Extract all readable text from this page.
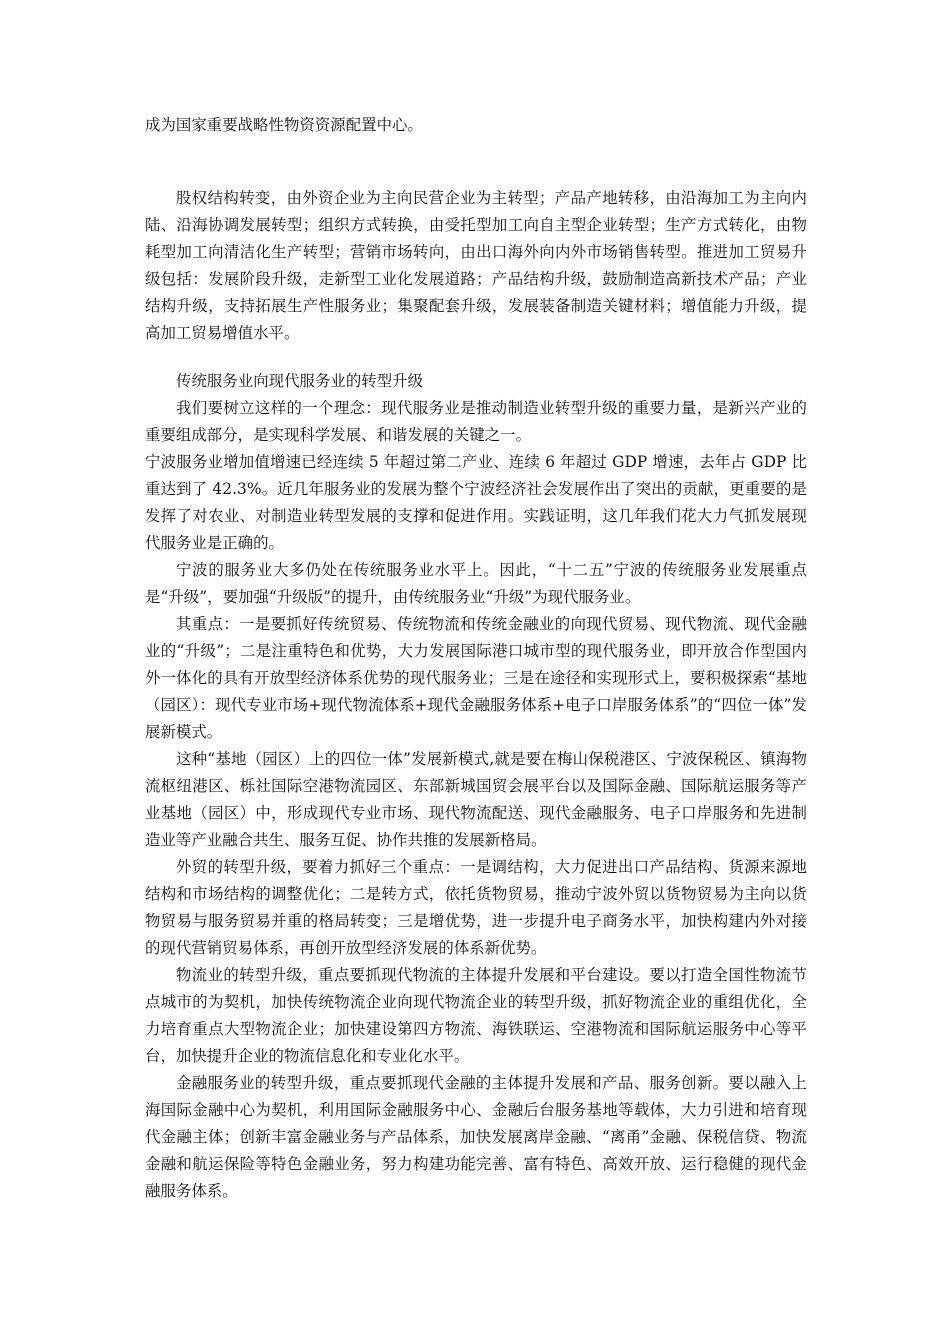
成为国家重要战略性物资资源配置中心。

股权结构转变，由外资企业为主向民营企业为主转型；产品产地转移，由沿海加工为主向内陆、沿海协调发展转型；组织方式转换，由受托型加工向自主型企业转型；生产方式转化，由物耗型加工向清洁化生产转型；营销市场转向，由出口海外向内外市场销售转型。推进加工贸易升级包括：发展阶段升级，走新型工业化发展道路；产品结构升级，鼓励制造高新技术产品；产业结构升级，支持拓展生产性服务业；集聚配套升级，发展装备制造关键材料；增值能力升级，提高加工贸易增值水平。

传统服务业向现代服务业的转型升级

我们要树立这样的一个理念：现代服务业是推动制造业转型升级的重要力量，是新兴产业的重要组成部分，是实现科学发展、和谐发展的关键之一。

宁波服务业增加值增速已经连续 5 年超过第二产业、连续 6 年超过 GDP 增速，去年占 GDP 比重达到了 42.3%。近几年服务业的发展为整个宁波经济社会发展作出了突出的贡献，更重要的是发挥了对农业、对制造业转型发展的支撑和促进作用。实践证明，这几年我们花大力气抓发展现代服务业是正确的。

宁波的服务业大多仍处在传统服务业水平上。因此，“十二五”宁波的传统服务业发展重点是“升级”，要加强“升级版”的提升，由传统服务业“升级”为现代服务业。

其重点：一是要抓好传统贸易、传统物流和传统金融业的向现代贸易、现代物流、现代金融业的“升级”；二是注重特色和优势，大力发展国际港口城市型的现代服务业，即开放合作型国内外一体化的具有开放型经济体系优势的现代服务业；三是在途径和实现形式上，要积极探索“基地（园区）：现代专业市场+现代物流体系+现代金融服务体系+电子口岸服务体系”的“四位一体”发展新模式。

这种“基地（园区）上的四位一体”发展新模式,就是要在梅山保税港区、宁波保税区、镇海物流枢纽港区、栎社国际空港物流园区、东部新城国贸会展平台以及国际金融、国际航运服务等产业基地（园区）中，形成现代专业市场、现代物流配送、现代金融服务、电子口岸服务和先进制造业等产业融合共生、服务互促、协作共推的发展新格局。

外贸的转型升级，要着力抓好三个重点：一是调结构，大力促进出口产品结构、货源来源地结构和市场结构的调整优化；二是转方式，依托货物贸易，推动宁波外贸以货物贸易为主向以货物贸易与服务贸易并重的格局转变；三是增优势，进一步提升电子商务水平，加快构建内外对接的现代营销贸易体系，再创开放型经济发展的体系新优势。

物流业的转型升级，重点要抓现代物流的主体提升发展和平台建设。要以打造全国性物流节点城市的为契机，加快传统物流企业向现代物流企业的转型升级，抓好物流企业的重组优化，全力培育重点大型物流企业；加快建设第四方物流、海铁联运、空港物流和国际航运服务中心等平台，加快提升企业的物流信息化和专业化水平。

金融服务业的转型升级，重点要抓现代金融的主体提升发展和产品、服务创新。要以融入上海国际金融中心为契机，利用国际金融服务中心、金融后台服务基地等载体，大力引进和培育现代金融主体；创新丰富金融业务与产品体系，加快发展离岸金融、“离甬”金融、保税信贷、物流金融和航运保险等特色金融业务，努力构建功能完善、富有特色、高效开放、运行稳健的现代金融服务体系。
